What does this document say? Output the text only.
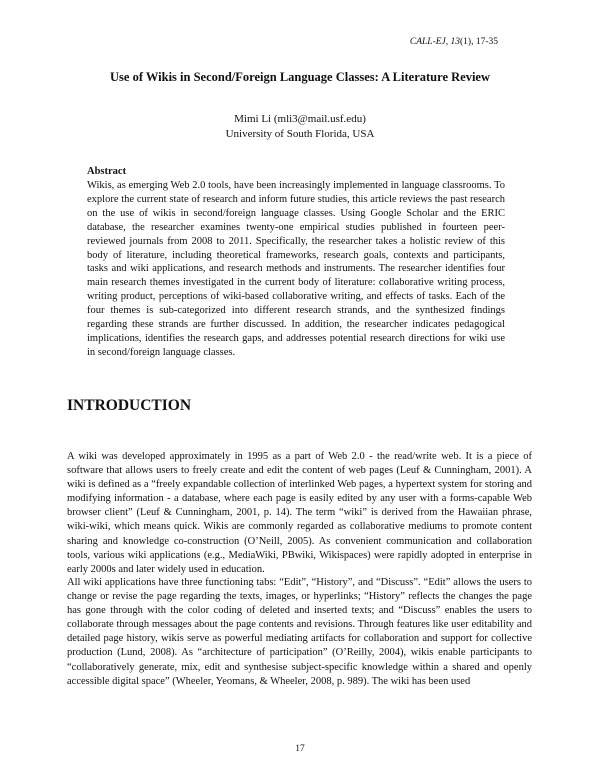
CALL-EJ, 13(1), 17-35
Use of Wikis in Second/Foreign Language Classes: A Literature Review
Mimi Li (mli3@mail.usf.edu)
University of South Florida, USA
Abstract

Wikis, as emerging Web 2.0 tools, have been increasingly implemented in language classrooms. To explore the current state of research and inform future studies, this article reviews the past research on the use of wikis in second/foreign language classes. Using Google Scholar and the ERIC database, the researcher examines twenty-one empirical studies published in fourteen peer-reviewed journals from 2008 to 2011. Specifically, the researcher takes a holistic review of this body of literature, including theoretical frameworks, research goals, contexts and participants, tasks and wiki applications, and research methods and instruments. The researcher identifies four main research themes investigated in the current body of literature: collaborative writing process, writing product, perceptions of wiki-based collaborative writing, and effects of tasks. Each of the four themes is sub-categorized into different research strands, and the synthesized findings regarding these strands are further discussed. In addition, the researcher indicates pedagogical implications, identifies the research gaps, and addresses potential research directions for wiki use in second/foreign language classes.

INTRODUCTION

A wiki was developed approximately in 1995 as a part of Web 2.0 - the read/write web. It is a piece of software that allows users to freely create and edit the content of web pages (Leuf & Cunningham, 2001). A wiki is defined as a “freely expandable collection of interlinked Web pages, a hypertext system for storing and modifying information - a database, where each page is easily edited by any user with a forms-capable Web browser client” (Leuf & Cunningham, 2001, p. 14). The term “wiki” is derived from the Hawaiian phrase, wiki-wiki, which means quick. Wikis are commonly regarded as collaborative mediums to promote content sharing and knowledge co-construction (O’Neill, 2005). As convenient communication and collaboration tools, various wiki applications (e.g., MediaWiki, PBwiki, Wikispaces) were rapidly adopted in enterprise in early 2000s and later widely used in education.

All wiki applications have three functioning tabs: “Edit”, “History”, and “Discuss”. “Edit” allows the users to change or revise the page regarding the texts, images, or hyperlinks; “History” reflects the changes the page has gone through with the color coding of deleted and inserted texts; and “Discuss” enables the users to collaborate through messages about the page contents and revisions. Through features like user editability and detailed page history, wikis serve as powerful mediating artifacts for collaboration and support for collective production (Lund, 2008). As “architecture of participation” (O’Reilly, 2004), wikis enable participants to “collaboratively generate, mix, edit and synthesise subject-specific knowledge within a shared and openly accessible digital space” (Wheeler, Yeomans, & Wheeler, 2008, p. 989). The wiki has been used

17
